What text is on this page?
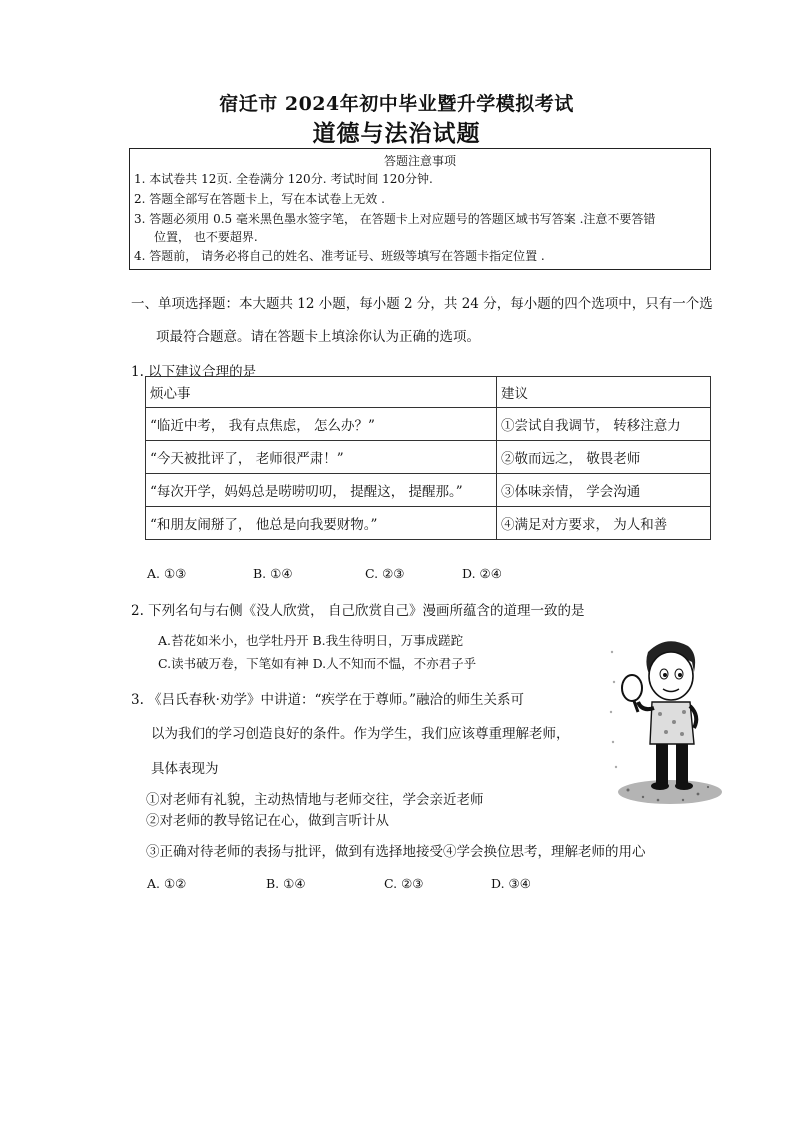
宿迁市 2024年初中毕业暨升学模拟考试
道德与法治试题
答题注意事项
1. 本试卷共 12页. 全卷满分 120分. 考试时间 120分钟.
2. 答题全部写在答题卡上，写在本试卷上无效 .
3. 答题必须用 0.5 毫米黑色墨水签字笔， 在答题卡上对应题号的答题区域书写答案 .注意不要答错
位置， 也不要超界.
4. 答题前， 请务必将自己的姓名、准考证号、班级等填写在答题卡指定位置 .
一、单项选择题：本大题共 12 小题，每小题 2 分，共 24 分，每小题的四个选项中，只有一个选
项最符合题意。请在答题卡上填涂你认为正确的选项。
1. 以下建议合理的是
烦心事	建议
“临近中考， 我有点焦虑， 怎么办？”	①尝试自我调节， 转移注意力
“今天被批评了， 老师很严肃！”	②敬而远之， 敬畏老师
“每次开学，妈妈总是唠唠叨叨， 提醒这， 提醒那。”	③体味亲情， 学会沟通
“和朋友闹掰了， 他总是向我要财物。”	④满足对方要求， 为人和善
A. ①③	B. ①④	C. ②③	D. ②④
2. 下列名句与右侧《没人欣赏， 自己欣赏自己》漫画所蕴含的道理一致的是
A.苔花如米小，也学牡丹开 B.我生待明日，万事成蹉跎
C.读书破万卷，下笔如有神 D.人不知而不愠，不亦君子乎
3. 《吕氏春秋·劝学》中讲道：“疾学在于尊师。”融洽的师生关系可
以为我们的学习创造良好的条件。作为学生，我们应该尊重理解老师，
具体表现为
①对老师有礼貌，主动热情地与老师交往，学会亲近老师
②对老师的教导铭记在心，做到言听计从
③正确对待老师的表扬与批评，做到有选择地接受④学会换位思考，理解老师的用心
A. ①②	B. ①④	C. ②③	D. ③④
